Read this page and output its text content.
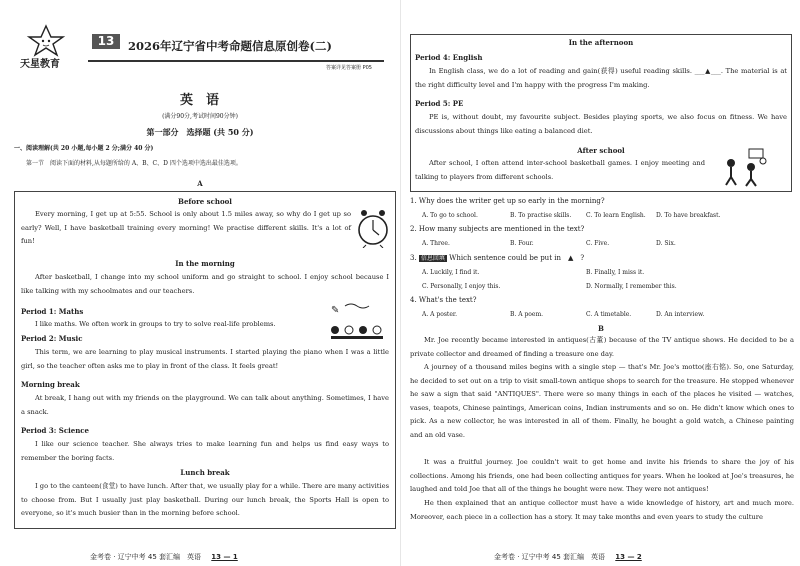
天星教育
13	2026年辽宁省中考命题信息原创卷(二)
答案详见答案册 P05
英　语
(满分90分,考试时间90分钟)
第一部分　选择题 (共 50 分)
一、阅读理解(共 20 小题,每小题 2 分;满分 40 分)
第一节　阅读下面的材料,从每题所给的 A、B、C、D 四个选项中选出最佳选项。
A
Before school
Every morning, I get up at 5:55. School is only about 1.5 miles away, so why do I get up so early? Well, I have basketball training every morning! We practise different skills. It's a lot of fun!
In the morning
After basketball, I change into my school uniform and go straight to school. I enjoy school because I like talking with my schoolmates and our teachers.
Period 1: Maths
I like maths. We often work in groups to try to solve real-life problems.
✎
Period 2: Music
This term, we are learning to play musical instruments. I started playing the piano when I was a little girl, so the teacher often asks me to play in front of the class. It feels great!
Morning break
At break, I hang out with my friends on the playground. We can talk about anything. Sometimes, I have a snack.
Period 3: Science
I like our science teacher. She always tries to make learning fun and helps us find easy ways to remember the boring facts.
Lunch break
I go to the canteen(食堂) to have lunch. After that, we usually play for a while. There are many activities to choose from. But I usually just play basketball. During our lunch break, the Sports Hall is open to everyone, so it's much busier than in the morning before school.
金考卷 · 辽宁中考 45 套汇编　英语 13 — 1
In the afternoon
Period 4: English
In English class, we do a lot of reading and gain(获得) useful reading skills. ___▲___. The material is at the right difficulty level and I'm happy with the progress I'm making.
Period 5: PE
PE is, without doubt, my favourite subject. Besides playing sports, we also focus on fitness. We have discussions about things like eating a balanced diet.
After school
After school, I often attend inter-school basketball games. I enjoy meeting and talking to players from different schools.
1. Why does the writer get up so early in the morning?
A. To go to school.	B. To practise skills. C. To learn English. D. To have breakfast.
2. How many subjects are mentioned in the text?
A. Three.	B. Four.	C. Five.	D. Six.
3. 信息回填 Which sentence could be put in　▲　?
A. Luckily, I find it.	B. Finally, I miss it.
C. Personally, I enjoy this.	D. Normally, I remember this.
4. What's the text?
A. A poster.	B. A poem.	C. A timetable.	D. An interview.
B
Mr. Joe recently became interested in antiques(古董) because of the TV antique shows. He decided to be a private collector and dreamed of finding a treasure one day.
A journey of a thousand miles begins with a single step — that's Mr. Joe's motto(座右铭). So, one Saturday, he decided to set out on a trip to visit small-town antique shops to search for the treasure. He stopped whenever he saw a sign that said "ANTIQUES". There were so many things in each of the places he visited — watches, vases, teapots, Chinese paintings, American coins, Indian instruments and so on. He didn't know which ones to pick. As a new collector, he was interested in all of them. Finally, he bought a gold watch, a Chinese painting and an old vase.
It was a fruitful journey. Joe couldn't wait to get home and invite his friends to share the joy of his collections. Among his friends, one had been collecting antiques for years. When he looked at Joe's treasures, he laughed and told Joe that all of the things he bought were new. They were not antiques!
He then explained that an antique collector must have a wide knowledge of history, art and much more. Moreover, each piece in a collection has a story. It may take months and even years to study the culture
金考卷 · 辽宁中考 45 套汇编　英语 13 — 2
